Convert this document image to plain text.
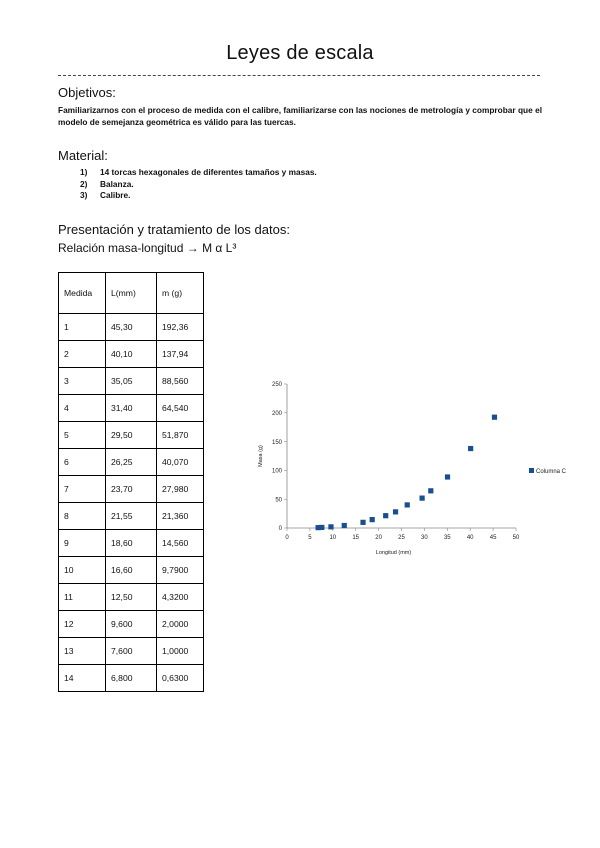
Leyes de escala
Objetivos:
Familiarizarnos con el proceso de medida con el calibre, familiarizarse con las nociones de metrología y comprobar que el modelo de semejanza geométrica es válido para las tuercas.
Material:
1)	14 torcas hexagonales de diferentes tamaños y masas.
2)	Balanza.
3)	Calibre.
Presentación y tratamiento de los datos:
Relación masa-longitud → M α L³
Medida	L(mm)	m (g)
1	45,30	192,36
2	40,10	137,94
3	35,05	88,560
4	31,40	64,540
5	29,50	51,870
6	26,25	40,070
7	23,70	27,980
8	21,55	21,360
9	18,60	14,560
10	16,60	9,7900
11	12,50	4,3200
12	9,600	2,0000
13	7,600	1,0000
14	6,800	0,6300
0
50
100
150
200
250
0	5	10	15	20	25	30	35	40	45	50
Longitud (mm)
Masa (g)
Columna C
